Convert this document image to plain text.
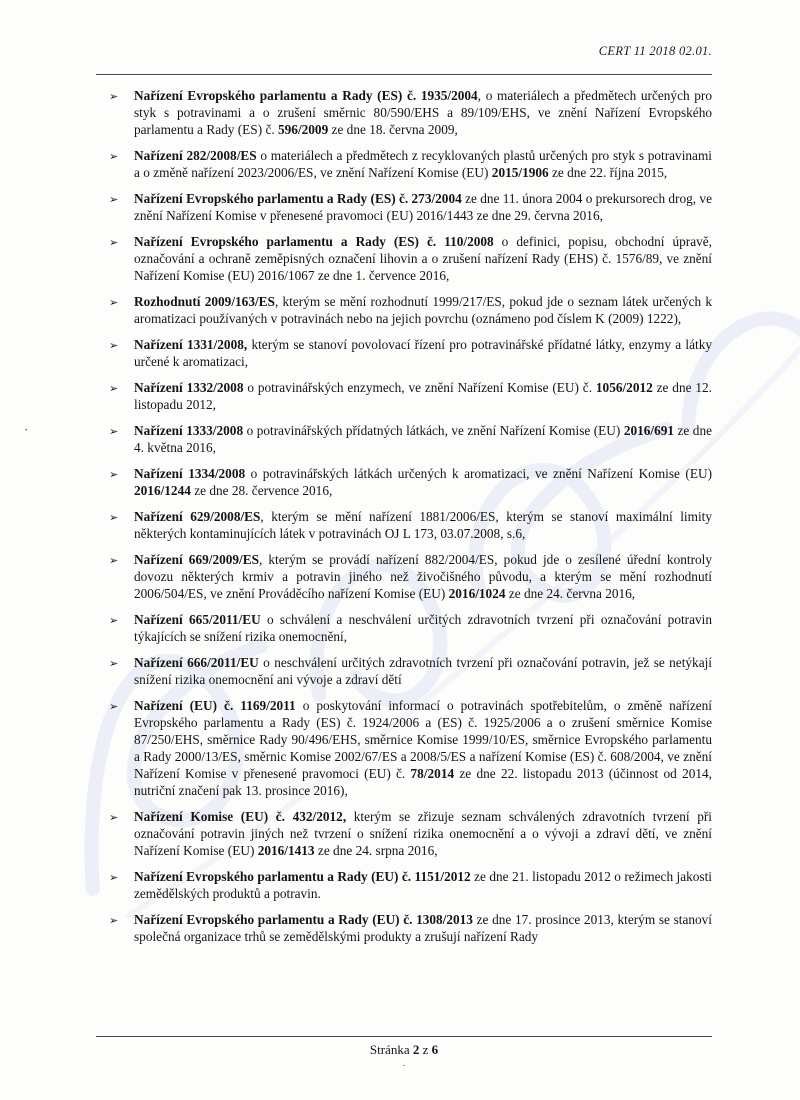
·
CERT 11 2018 02.01.
➢ Nařízení Evropského parlamentu a Rady (ES) č. 1935/2004, o materiálech a předmětech určených pro styk s potravinami a o zrušení směrnic 80/590/EHS a 89/109/EHS, ve znění Nařízení Evropského parlamentu a Rady (ES) č. 596/2009 ze dne 18. června 2009,
➢ Nařízení 282/2008/ES o materiálech a předmětech z recyklovaných plastů určených pro styk s potravinami a o změně nařízení 2023/2006/ES, ve znění Nařízení Komise (EU) 2015/1906 ze dne 22. října 2015,
➢ Nařízení Evropského parlamentu a Rady (ES) č. 273/2004 ze dne 11. února 2004 o prekursorech drog, ve znění Nařízení Komise v přenesené pravomoci (EU) 2016/1443 ze dne 29. června 2016,
➢ Nařízení Evropského parlamentu a Rady (ES) č. 110/2008 o definici, popisu, obchodní úpravě, označování a ochraně zeměpisných označení lihovin a o zrušení nařízení Rady (EHS) č. 1576/89, ve znění Nařízení Komise (EU) 2016/1067 ze dne 1. července 2016,
➢ Rozhodnutí 2009/163/ES, kterým se mění rozhodnutí 1999/217/ES, pokud jde o seznam látek určených k aromatizaci používaných v potravinách nebo na jejich povrchu (oznámeno pod číslem K (2009) 1222),
➢ Nařízení 1331/2008, kterým se stanoví povolovací řízení pro potravinářské přídatné látky, enzymy a látky určené k aromatizaci,
➢ Nařízení 1332/2008 o potravinářských enzymech, ve znění Nařízení Komise (EU) č. 1056/2012 ze dne 12. listopadu 2012,
➢ Nařízení 1333/2008 o potravinářských přídatných látkách, ve znění Nařízení Komise (EU) 2016/691 ze dne 4. května 2016,
➢ Nařízení 1334/2008 o potravinářských látkách určených k aromatizaci, ve znění Nařízení Komise (EU) 2016/1244 ze dne 28. července 2016,
➢ Nařízení 629/2008/ES, kterým se mění nařízení 1881/2006/ES, kterým se stanoví maximální limity některých kontaminujících látek v potravinách OJ L 173, 03.07.2008, s.6,
➢ Nařízení 669/2009/ES, kterým se provádí nařízení 882/2004/ES, pokud jde o zesílené úřední kontroly dovozu některých krmiv a potravin jiného než živočišného původu, a kterým se mění rozhodnutí 2006/504/ES, ve znění Prováděcího nařízení Komise (EU) 2016/1024 ze dne 24. června 2016,
➢ Nařízení 665/2011/EU o schválení a neschválení určitých zdravotních tvrzení při označování potravin týkajících se snížení rizika onemocnění,
➢ Nařízení 666/2011/EU o neschválení určitých zdravotních tvrzení při označování potravin, jež se netýkají snížení rizika onemocnění ani vývoje a zdraví dětí
➢ Nařízení (EU) č. 1169/2011 o poskytování informací o potravinách spotřebitelům, o změně nařízení Evropského parlamentu a Rady (ES) č. 1924/2006 a (ES) č. 1925/2006 a o zrušení směrnice Komise 87/250/EHS, směrnice Rady 90/496/EHS, směrnice Komise 1999/10/ES, směrnice Evropského parlamentu a Rady 2000/13/ES, směrnic Komise 2002/67/ES a 2008/5/ES a nařízení Komise (ES) č. 608/2004, ve znění Nařízení Komise v přenesené pravomoci (EU) č. 78/2014 ze dne 22. listopadu 2013 (účinnost od 2014, nutriční značení pak 13. prosince 2016),
➢ Nařízení Komise (EU) č. 432/2012, kterým se zřizuje seznam schválených zdravotních tvrzení při označování potravin jiných než tvrzení o snížení rizika onemocnění a o vývoji a zdraví dětí, ve znění Nařízení Komise (EU) 2016/1413 ze dne 24. srpna 2016,
➢ Nařízení Evropského parlamentu a Rady (EU) č. 1151/2012 ze dne 21. listopadu 2012 o režimech jakosti zemědělských produktů a potravin.
➢ Nařízení Evropského parlamentu a Rady (EU) č. 1308/2013 ze dne 17. prosince 2013, kterým se stanoví společná organizace trhů se zemědělskými produkty a zrušují nařízení Rady
Stránka 2 z 6
.
